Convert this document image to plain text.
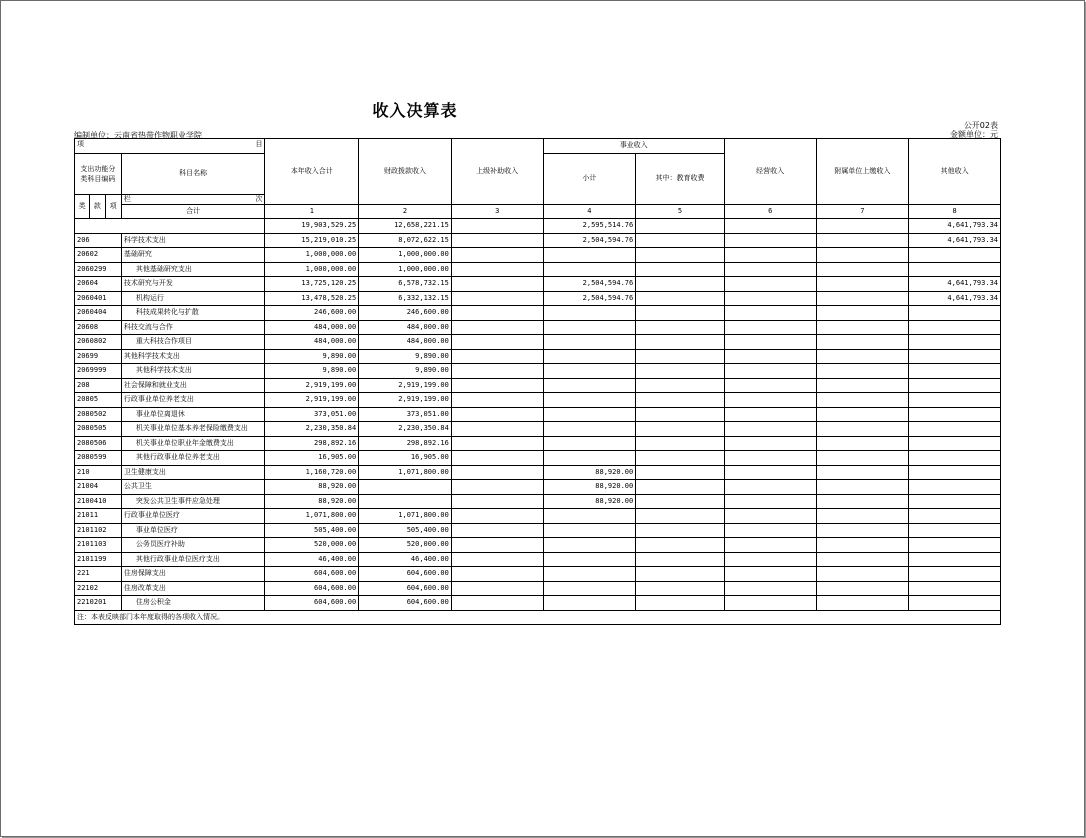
收入决算表
编制单位：云南省热带作物职业学院
公开02表
金额单位：元
项 目				本年收入合计	财政拨款收入	上级补助收入	事业收入		经营收入	附属单位上缴收入	其他收入
支出功能分类科目编码			科目名称				小计	其中：教育收费			
类	款	项	栏 次								

			合计	1	2	3	4	5	6	7	8
				19,903,529.25	12,658,221.15		2,595,514.76				4,641,793.34
206			科学技术支出	15,219,010.25	8,072,622.15		2,504,594.76				4,641,793.34
20602			基础研究	1,000,000.00	1,000,000.00						
2060299			其他基础研究支出	1,000,000.00	1,000,000.00						
20604			技术研究与开发	13,725,120.25	6,578,732.15		2,504,594.76				4,641,793.34
2060401			机构运行	13,478,520.25	6,332,132.15		2,504,594.76				4,641,793.34
2060404			科技成果转化与扩散	246,600.00	246,600.00						
20608			科技交流与合作	484,000.00	484,000.00						
2060802			重大科技合作项目	484,000.00	484,000.00						
20699			其他科学技术支出	9,890.00	9,890.00						
2069999			其他科学技术支出	9,890.00	9,890.00						
208			社会保障和就业支出	2,919,199.00	2,919,199.00						
20805			行政事业单位养老支出	2,919,199.00	2,919,199.00						
2080502			事业单位离退休	373,051.00	373,051.00						
2080505			机关事业单位基本养老保险缴费支出	2,230,350.84	2,230,350.84						
2080506			机关事业单位职业年金缴费支出	298,892.16	298,892.16						
2080599			其他行政事业单位养老支出	16,905.00	16,905.00						
210			卫生健康支出	1,160,720.00	1,071,800.00		88,920.00				
21004			公共卫生	88,920.00			88,920.00				
2100410			突发公共卫生事件应急处理	88,920.00			88,920.00				
21011			行政事业单位医疗	1,071,800.00	1,071,800.00						
2101102			事业单位医疗	505,400.00	505,400.00						
2101103			公务员医疗补助	520,000.00	520,000.00						
2101199			其他行政事业单位医疗支出	46,400.00	46,400.00						
221			住房保障支出	604,600.00	604,600.00						
22102			住房改革支出	604,600.00	604,600.00						
2210201			住房公积金	604,600.00	604,600.00						
注：本表反映部门本年度取得的各项收入情况。											
